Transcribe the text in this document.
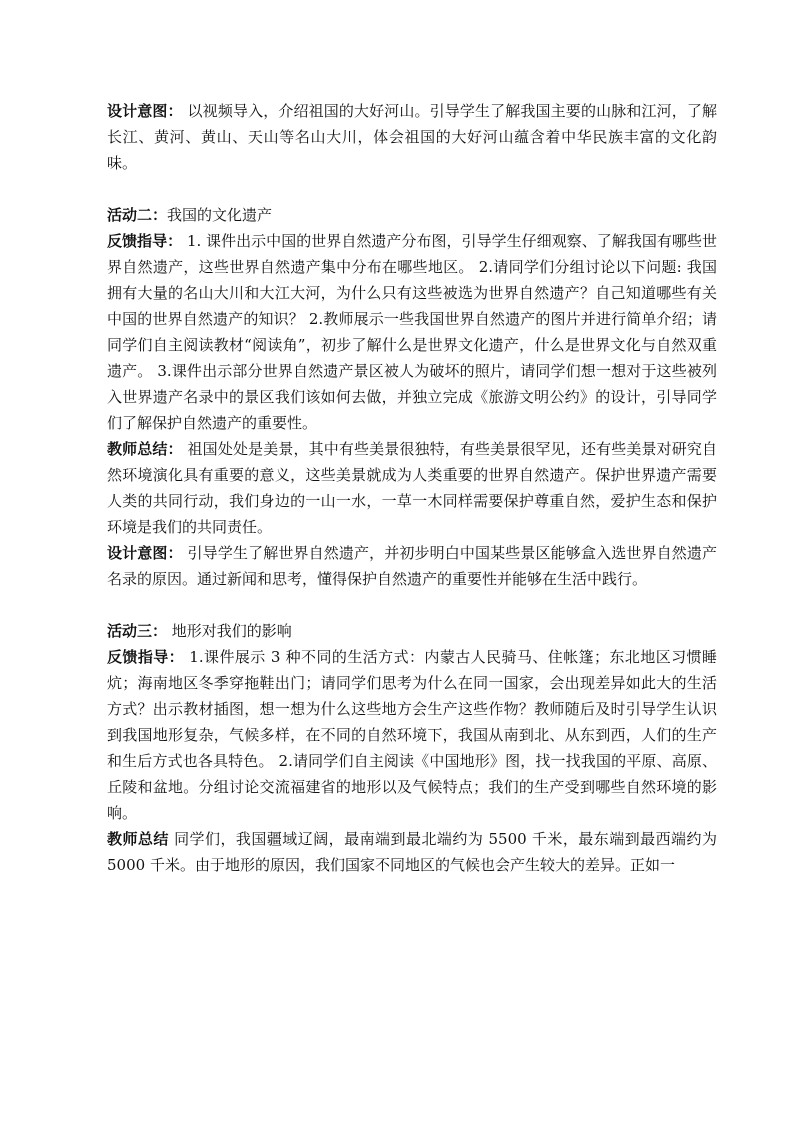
设计意图： 以视频导入，介绍祖国的大好河山。引导学生了解我国主要的山脉和江河，了解长江、黄河、黄山、天山等名山大川，体会祖国的大好河山蕴含着中华民族丰富的文化韵味。

活动二：我国的文化遗产

反馈指导： 1. 课件出示中国的世界自然遗产分布图，引导学生仔细观察、了解我国有哪些世界自然遗产，这些世界自然遗产集中分布在哪些地区。 2.请同学们分组讨论以下问题: 我国拥有大量的名山大川和大江大河，为什么只有这些被选为世界自然遗产？自己知道哪些有关中国的世界自然遗产的知识？ 2.教师展示一些我国世界自然遗产的图片并进行简单介绍；请同学们自主阅读教材“阅读角”，初步了解什么是世界文化遗产，什么是世界文化与自然双重遗产。 3.课件出示部分世界自然遗产景区被人为破坏的照片，请同学们想一想对于这些被列入世界遗产名录中的景区我们该如何去做，并独立完成《旅游文明公约》的设计，引导同学们了解保护自然遗产的重要性。

教师总结： 祖国处处是美景，其中有些美景很独特，有些美景很罕见，还有些美景对研究自然环境演化具有重要的意义，这些美景就成为人类重要的世界自然遗产。保护世界遗产需要人类的共同行动，我们身边的一山一水，一草一木同样需要保护尊重自然，爱护生态和保护环境是我们的共同责任。

设计意图： 引导学生了解世界自然遗产，并初步明白中国某些景区能够盒入选世界自然遗产名录的原因。通过新闻和思考，懂得保护自然遗产的重要性并能够在生活中践行。

活动三： 地形对我们的影响

反馈指导： 1.课件展示 3 种不同的生活方式：内蒙古人民骑马、住帐篷；东北地区习惯睡炕；海南地区冬季穿拖鞋出门；请同学们思考为什么在同一国家，会出现差异如此大的生活方式？出示教材插图，想一想为什么这些地方会生产这些作物？教师随后及时引导学生认识到我国地形复杂，气候多样，在不同的自然环境下，我国从南到北、从东到西，人们的生产和生后方式也各具特色。 2.请同学们自主阅读《中国地形》图，找一找我国的平原、高原、丘陵和盆地。分组讨论交流福建省的地形以及气候特点；我们的生产受到哪些自然环境的影响。

教师总结 同学们，我国疆域辽阔，最南端到最北端约为 5500 千米，最东端到最西端约为 5000 千米。由于地形的原因，我们国家不同地区的气候也会产生较大的差异。正如一
